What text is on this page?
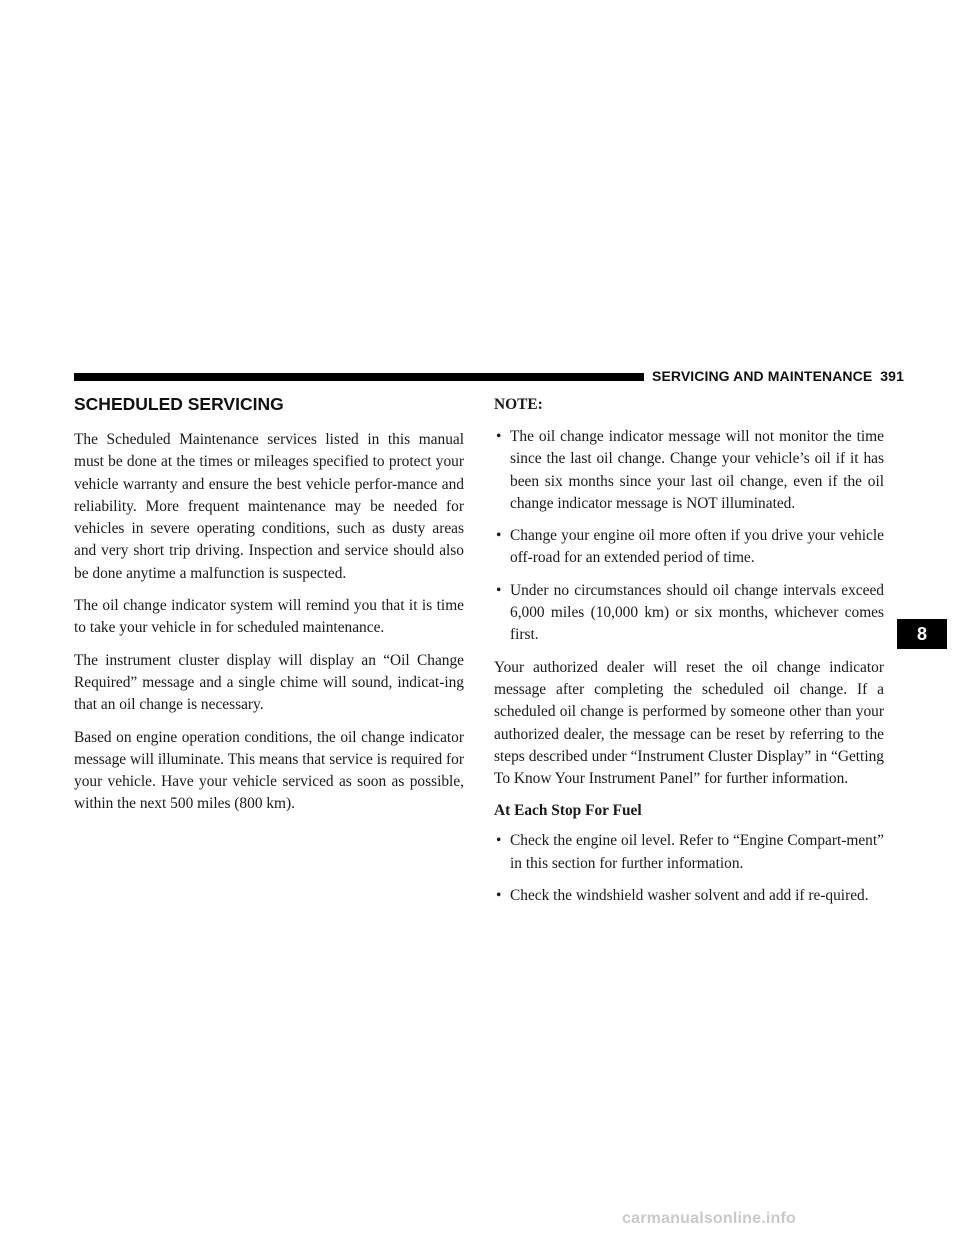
SERVICING AND MAINTENANCE 391
SCHEDULED SERVICING

The Scheduled Maintenance services listed in this manual must be done at the times or mileages specified to protect your vehicle warranty and ensure the best vehicle perfor-mance and reliability. More frequent maintenance may be needed for vehicles in severe operating conditions, such as dusty areas and very short trip driving. Inspection and service should also be done anytime a malfunction is suspected.

The oil change indicator system will remind you that it is time to take your vehicle in for scheduled maintenance.

The instrument cluster display will display an “Oil Change Required” message and a single chime will sound, indicat-ing that an oil change is necessary.

Based on engine operation conditions, the oil change indicator message will illuminate. This means that service is required for your vehicle. Have your vehicle serviced as soon as possible, within the next 500 miles (800 km).

NOTE:
• The oil change indicator message will not monitor the time since the last oil change. Change your vehicle’s oil if it has been six months since your last oil change, even if the oil change indicator message is NOT illuminated.
• Change your engine oil more often if you drive your vehicle off-road for an extended period of time.
• Under no circumstances should oil change intervals exceed 6,000 miles (10,000 km) or six months, whichever comes first.

Your authorized dealer will reset the oil change indicator message after completing the scheduled oil change. If a scheduled oil change is performed by someone other than your authorized dealer, the message can be reset by referring to the steps described under “Instrument Cluster Display” in “Getting To Know Your Instrument Panel” for further information.

At Each Stop For Fuel
• Check the engine oil level. Refer to “Engine Compart-ment” in this section for further information.
• Check the windshield washer solvent and add if re-quired.
8
carmanualsonline.info
